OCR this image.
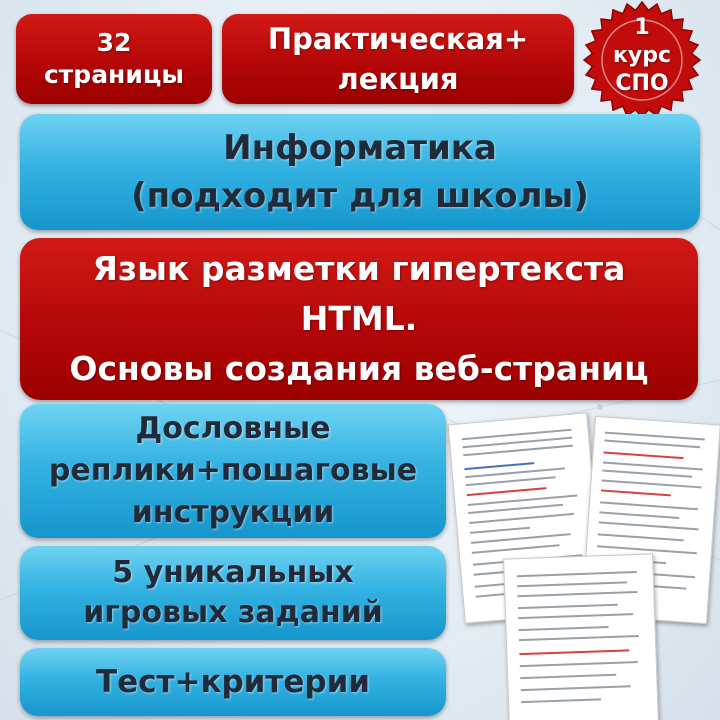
32
страницы
Практическая+
лекция
1
курс
СПО
Информатика
(подходит для школы)
Язык разметки гипертекста
HTML.
Основы создания веб-страниц
Дословные
реплики+пошаговые
инструкции
5 уникальных
игровых заданий
Тест+критерии
